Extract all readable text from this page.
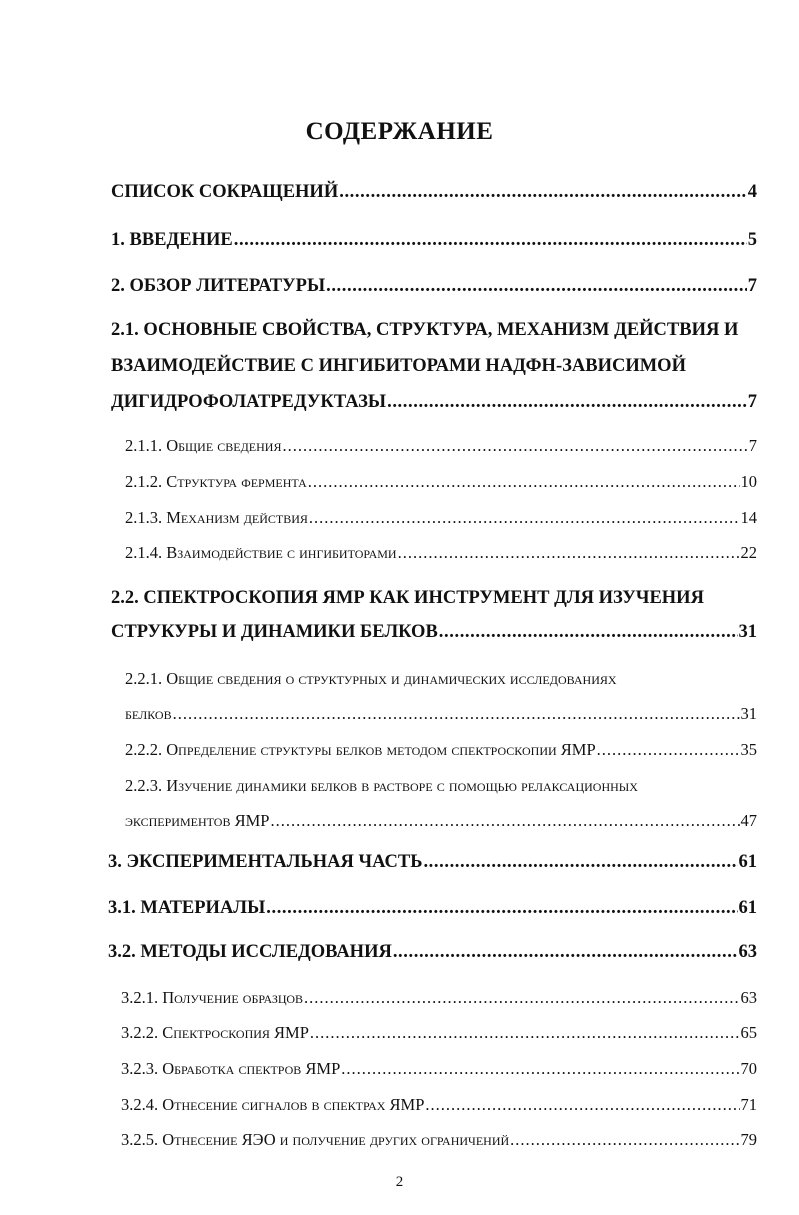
СОДЕРЖАНИЕ
СПИСОК СОКРАЩЕНИЙ .....	4
1. ВВЕДЕНИЕ .....	5
2. ОБЗОР ЛИТЕРАТУРЫ .....	7
2.1. ОСНОВНЫЕ СВОЙСТВА, СТРУКТУРА, МЕХАНИЗМ ДЕЙСТВИЯ И
ВЗАИМОДЕЙСТВИЕ С ИНГИБИТОРАМИ НАДФН-ЗАВИСИМОЙ
ДИГИДРОФОЛАТРЕДУКТАЗЫ .....	7
2.1.1. Общие сведения .....	7
2.1.2. Структура фермента .....	10
2.1.3. Механизм действия .....	14
2.1.4. Взаимодействие с ингибиторами .....	22
2.2. СПЕКТРОСКОПИЯ ЯМР КАК ИНСТРУМЕНТ ДЛЯ ИЗУЧЕНИЯ
СТРУКУРЫ И ДИНАМИКИ БЕЛКОВ .....	31
2.2.1. Общие сведения о структурных и динамических исследованиях
белков .....	31
2.2.2. Определение структуры белков методом спектроскопии ЯМР .....	35
2.2.3. Изучение динамики белков в растворе с помощью релаксационных
экспериментов ЯМР .....	47
3. ЭКСПЕРИМЕНТАЛЬНАЯ ЧАСТЬ .....	61
3.1. МАТЕРИАЛЫ .....	61
3.2. МЕТОДЫ ИССЛЕДОВАНИЯ .....	63
3.2.1. Получение образцов .....	63
3.2.2. Спектроскопия ЯМР .....	65
3.2.3. Обработка спектров ЯМР .....	70
3.2.4. Отнесение сигналов в спектрах ЯМР .....	71
3.2.5. Отнесение ЯЭО и получение других ограничений .....	79
2
